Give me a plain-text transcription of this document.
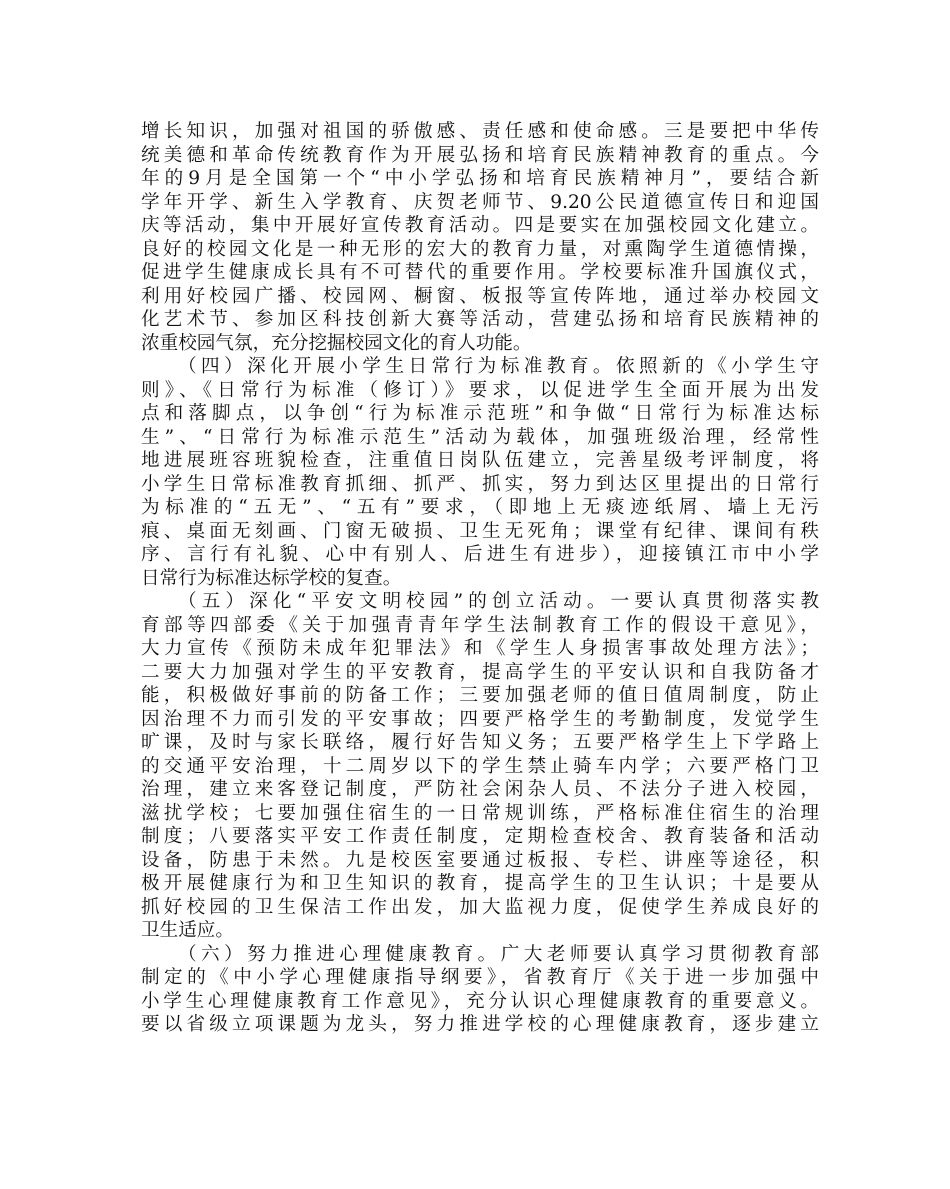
增长知识，加强对祖国的骄傲感、责任感和使命感。三是要把中华传
统美德和革命传统教育作为开展弘扬和培育民族精神教育的重点。今
年的9月是全国第一个“中小学弘扬和培育民族精神月”，要结合新
学年开学、新生入学教育、庆贺老师节、9.20公民道德宣传日和迎国
庆等活动，集中开展好宣传教育活动。四是要实在加强校园文化建立。
良好的校园文化是一种无形的宏大的教育力量，对熏陶学生道德情操，
促进学生健康成长具有不可替代的重要作用。学校要标准升国旗仪式，
利用好校园广播、校园网、橱窗、板报等宣传阵地，通过举办校园文
化艺术节、参加区科技创新大赛等活动，营建弘扬和培育民族精神的
浓重校园气氛，充分挖掘校园文化的育人功能。
（四）深化开展小学生日常行为标准教育。依照新的《小学生守
则》、《日常行为标准（修订）》要求，以促进学生全面开展为出发
点和落脚点，以争创“行为标准示范班”和争做“日常行为标准达标
生”、“日常行为标准示范生”活动为载体，加强班级治理，经常性
地进展班容班貌检查，注重值日岗队伍建立，完善星级考评制度，将
小学生日常标准教育抓细、抓严、抓实，努力到达区里提出的日常行
为标准的“五无”、“五有”要求，（即地上无痰迹纸屑、墙上无污
痕、桌面无刻画、门窗无破损、卫生无死角；课堂有纪律、课间有秩
序、言行有礼貌、心中有别人、后进生有进步），迎接镇江市中小学
日常行为标准达标学校的复查。
（五）深化“平安文明校园”的创立活动。一要认真贯彻落实教
育部等四部委《关于加强青青年学生法制教育工作的假设干意见》，
大力宣传《预防未成年犯罪法》和《学生人身损害事故处理方法》；
二要大力加强对学生的平安教育，提高学生的平安认识和自我防备才
能，积极做好事前的防备工作；三要加强老师的值日值周制度，防止
因治理不力而引发的平安事故；四要严格学生的考勤制度，发觉学生
旷课，及时与家长联络，履行好告知义务；五要严格学生上下学路上
的交通平安治理，十二周岁以下的学生禁止骑车内学；六要严格门卫
治理，建立来客登记制度，严防社会闲杂人员、不法分子进入校园，
滋扰学校；七要加强住宿生的一日常规训练，严格标准住宿生的治理
制度；八要落实平安工作责任制度，定期检查校舍、教育装备和活动
设备，防患于未然。九是校医室要通过板报、专栏、讲座等途径，积
极开展健康行为和卫生知识的教育，提高学生的卫生认识；十是要从
抓好校园的卫生保洁工作出发，加大监视力度，促使学生养成良好的
卫生适应。
（六）努力推进心理健康教育。广大老师要认真学习贯彻教育部
制定的《中小学心理健康指导纲要》，省教育厅《关于进一步加强中
小学生心理健康教育工作意见》，充分认识心理健康教育的重要意义。
要以省级立项课题为龙头，努力推进学校的心理健康教育，逐步建立
